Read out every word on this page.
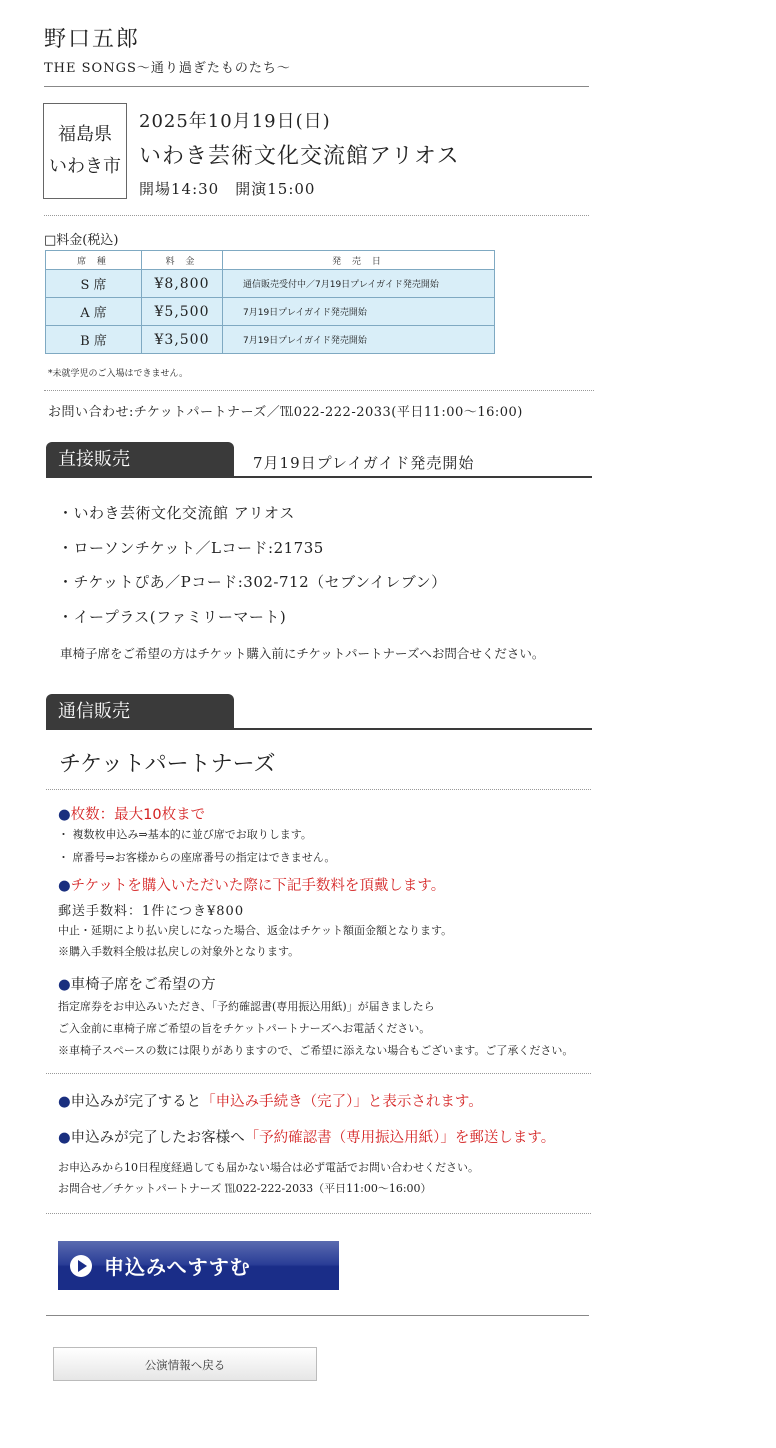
野口五郎
THE SONGS～通り過ぎたものたち～
福島県
いわき市
2025年10月19日(日)
いわき芸術文化交流館アリオス
開場14:30　開演15:00
□料金(税込)
席 種	料 金	発 売 日
S 席	¥8,800	通信販売受付中／7月19日プレイガイド発売開始
A 席	¥5,500	7月19日プレイガイド発売開始
B 席	¥3,500	7月19日プレイガイド発売開始
*未就学児のご入場はできません。
お問い合わせ:チケットパートナーズ／℡022-222-2033(平日11:00～16:00)
直接販売	7月19日プレイガイド発売開始
・いわき芸術文化交流館 アリオス
・ローソンチケット／Lコード:21735
・チケットぴあ／Pコード:302-712（セブンイレブン）
・イープラス(ファミリーマート)
車椅子席をご希望の方はチケット購入前にチケットパートナーズへお問合せください。
通信販売
チケットパートナーズ
●枚数：最大10枚まで
・ 複数枚申込み⇒基本的に並び席でお取りします。
・ 席番号⇒お客様からの座席番号の指定はできません。
●チケットを購入いただいた際に下記手数料を頂戴します。
郵送手数料：1件につき¥800
中止・延期により払い戻しになった場合、返金はチケット額面金額となります。
※購入手数料全般は払戻しの対象外となります。
●車椅子席をご希望の方
指定席券をお申込みいただき、「予約確認書(専用振込用紙)」が届きましたら
ご入金前に車椅子席ご希望の旨をチケットパートナーズへお電話ください。
※車椅子スペースの数には限りがありますので、ご希望に添えない場合もございます。ご了承ください。
●申込みが完了すると「申込み手続き（完了）」と表示されます。
●申込みが完了したお客様へ「予約確認書（専用振込用紙）」を郵送します。
お申込みから10日程度経過しても届かない場合は必ず電話でお問い合わせください。
お問合せ／チケットパートナーズ ℡022-222-2033（平日11:00～16:00）
申込みへすすむ
公演情報へ戻る
